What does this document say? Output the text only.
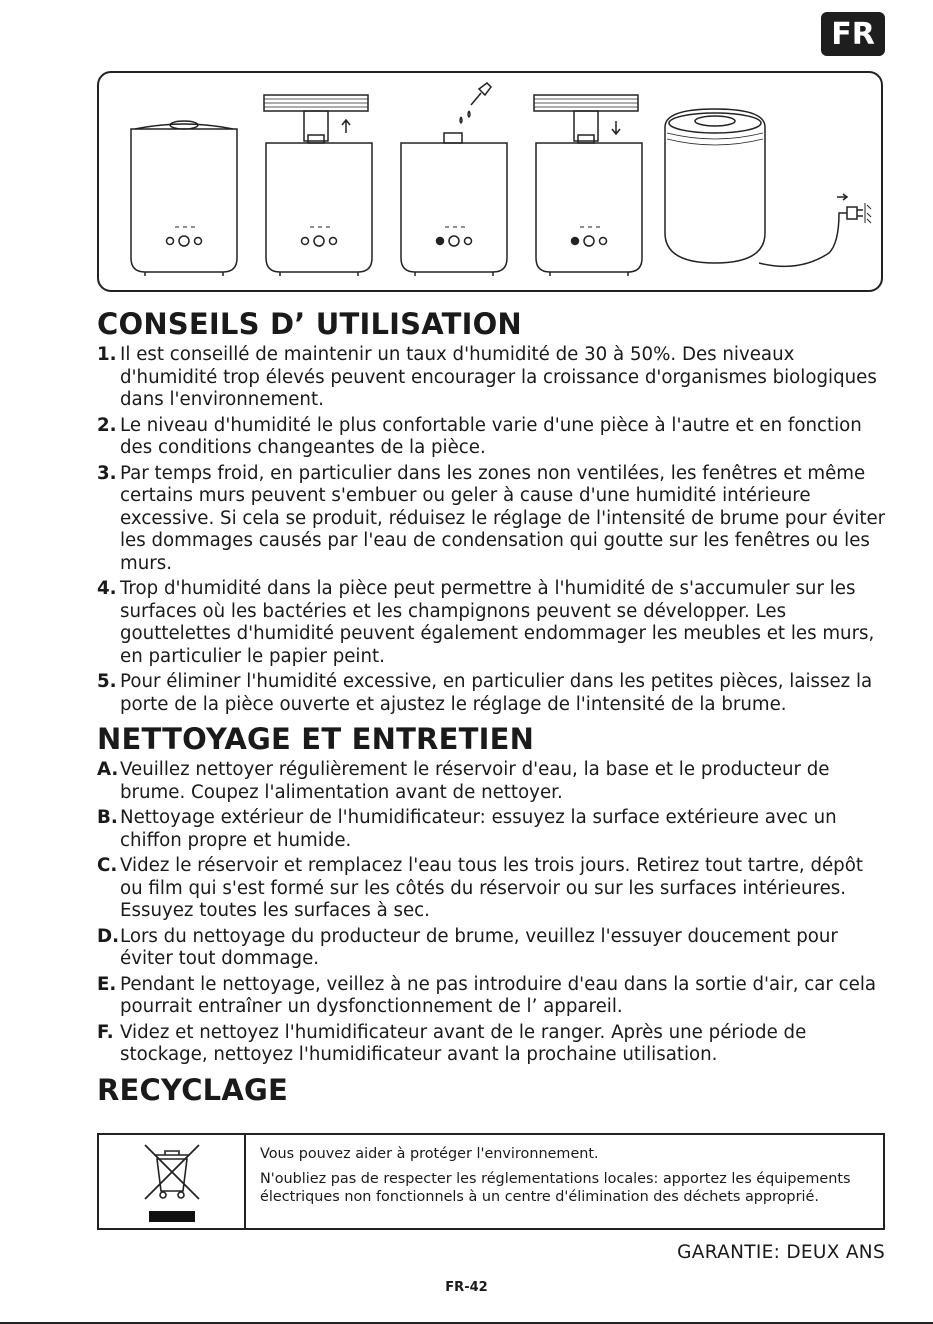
FR
CONSEILS D’ UTILISATION
1. Il est conseillé de maintenir un taux d'humidité de 30 à 50%. Des niveaux d'humidité trop élevés peuvent encourager la croissance d'organismes biologiques dans l'environnement.
2. Le niveau d'humidité le plus confortable varie d'une pièce à l'autre et en fonction des conditions changeantes de la pièce.
3. Par temps froid, en particulier dans les zones non ventilées, les fenêtres et même certains murs peuvent s'embuer ou geler à cause d'une humidité intérieure excessive. Si cela se produit, réduisez le réglage de l'intensité de brume pour éviter les dommages causés par l'eau de condensation qui goutte sur les fenêtres ou les murs.
4. Trop d'humidité dans la pièce peut permettre à l'humidité de s'accumuler sur les surfaces où les bactéries et les champignons peuvent se développer. Les gouttelettes d'humidité peuvent également endommager les meubles et les murs, en particulier le papier peint.
5. Pour éliminer l'humidité excessive, en particulier dans les petites pièces, laissez la porte de la pièce ouverte et ajustez le réglage de l'intensité de la brume.
NETTOYAGE ET ENTRETIEN
A. Veuillez nettoyer régulièrement le réservoir d'eau, la base et le producteur de brume. Coupez l'alimentation avant de nettoyer.
B. Nettoyage extérieur de l'humidificateur: essuyez la surface extérieure avec un chiffon propre et humide.
C. Videz le réservoir et remplacez l'eau tous les trois jours. Retirez tout tartre, dépôt ou film qui s'est formé sur les côtés du réservoir ou sur les surfaces intérieures. Essuyez toutes les surfaces à sec.
D. Lors du nettoyage du producteur de brume, veuillez l'essuyer doucement pour éviter tout dommage.
E. Pendant le nettoyage, veillez à ne pas introduire d'eau dans la sortie d'air, car cela pourrait entraîner un dysfonctionnement de l’ appareil.
F. Videz et nettoyez l'humidificateur avant de le ranger. Après une période de stockage, nettoyez l'humidificateur avant la prochaine utilisation.
RECYCLAGE

Vous pouvez aider à protéger l'environnement.

N'oubliez pas de respecter les réglementations locales: apportez les équipements électriques non fonctionnels à un centre d'élimination des déchets approprié.

GARANTIE: DEUX ANS
FR-42
